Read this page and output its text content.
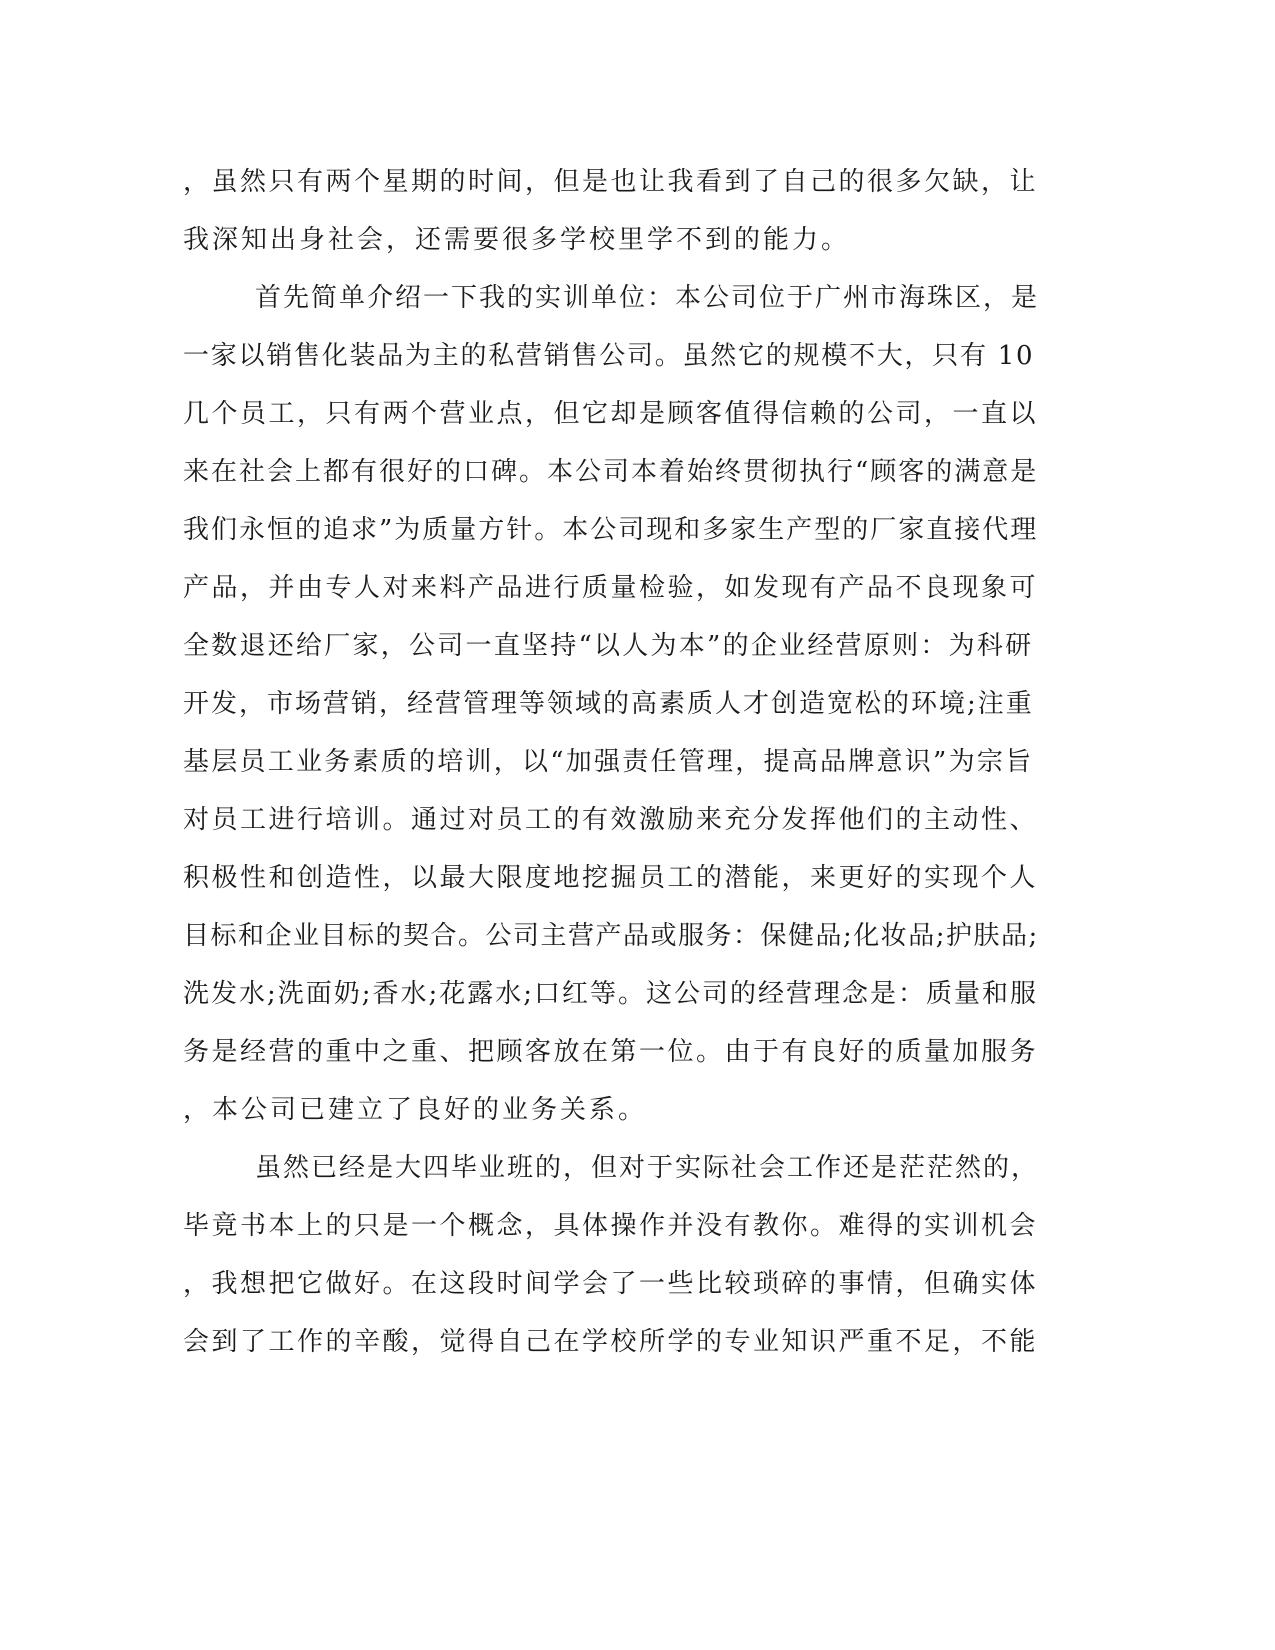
，虽然只有两个星期的时间，但是也让我看到了自己的很多欠缺，让
我深知出身社会，还需要很多学校里学不到的能力。
首先简单介绍一下我的实训单位：本公司位于广州市海珠区，是
一家以销售化装品为主的私营销售公司。虽然它的规模不大，只有 10
几个员工，只有两个营业点，但它却是顾客值得信赖的公司，一直以
来在社会上都有很好的口碑。本公司本着始终贯彻执行“顾客的满意是
我们永恒的追求”为质量方针。本公司现和多家生产型的厂家直接代理
产品，并由专人对来料产品进行质量检验，如发现有产品不良现象可
全数退还给厂家，公司一直坚持“以人为本”的企业经营原则：为科研
开发，市场营销，经营管理等领域的高素质人才创造宽松的环境;注重
基层员工业务素质的培训，以“加强责任管理，提高品牌意识”为宗旨
对员工进行培训。通过对员工的有效激励来充分发挥他们的主动性、
积极性和创造性，以最大限度地挖掘员工的潜能，来更好的实现个人
目标和企业目标的契合。公司主营产品或服务：保健品;化妆品;护肤品;
洗发水;洗面奶;香水;花露水;口红等。这公司的经营理念是：质量和服
务是经营的重中之重、把顾客放在第一位。由于有良好的质量加服务
，本公司已建立了良好的业务关系。
虽然已经是大四毕业班的，但对于实际社会工作还是茫茫然的，
毕竟书本上的只是一个概念，具体操作并没有教你。难得的实训机会
，我想把它做好。在这段时间学会了一些比较琐碎的事情，但确实体
会到了工作的辛酸，觉得自己在学校所学的专业知识严重不足，不能
